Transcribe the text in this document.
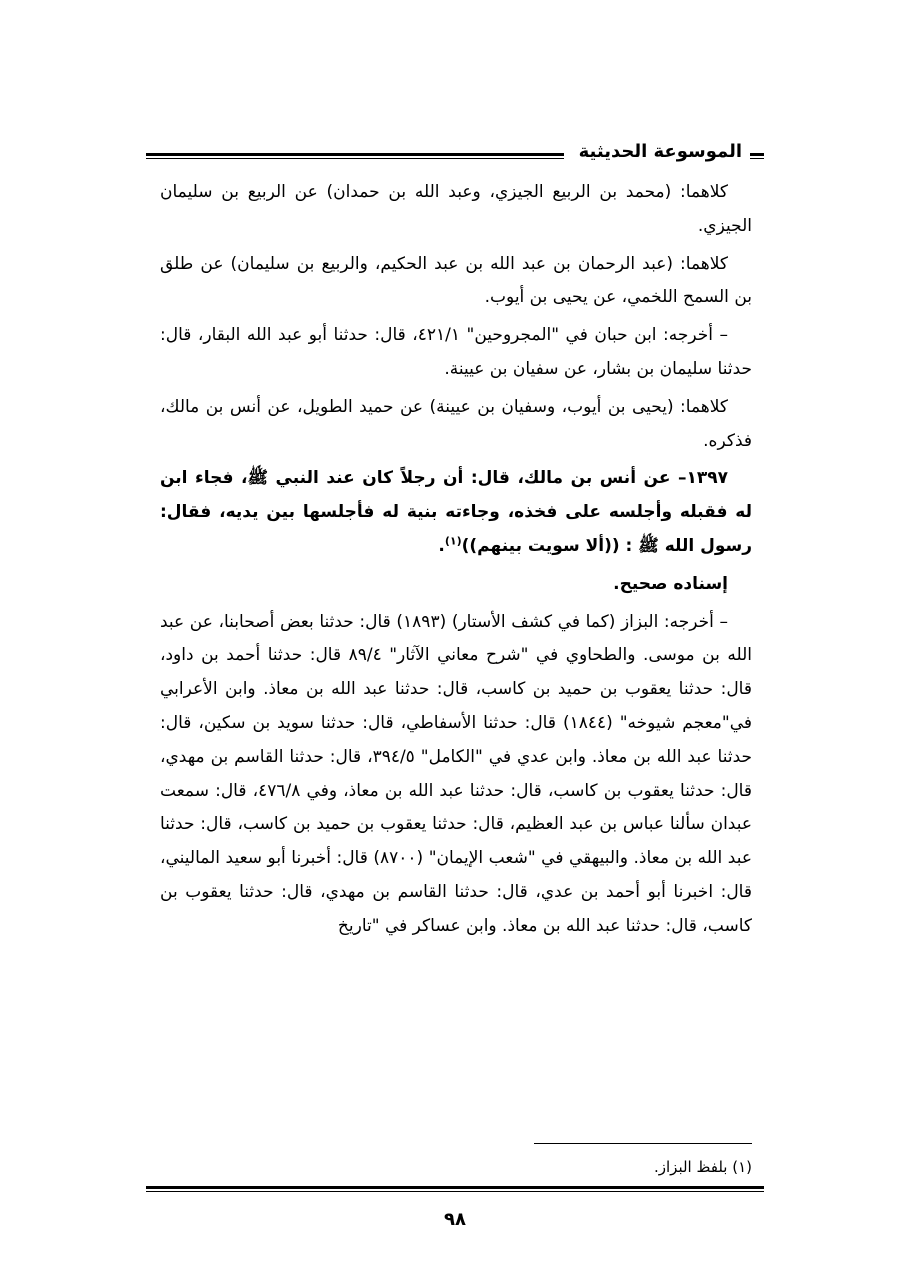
الموسوعة الحديثية

كلاهما: (محمد بن الربيع الجيزي، وعبد الله بن حمدان) عن الربيع بن سليمان الجيزي.

كلاهما: (عبد الرحمان بن عبد الله بن عبد الحكيم، والربيع بن سليمان) عن طلق بن السمح اللخمي، عن يحيى بن أيوب.

– أخرجه: ابن حبان في "المجروحين" ٤٢١/١، قال: حدثنا أبو عبد الله البقار، قال: حدثنا سليمان بن بشار، عن سفيان بن عيينة.

كلاهما: (يحيى بن أيوب، وسفيان بن عيينة) عن حميد الطويل، عن أنس بن مالك، فذكره.

١٣٩٧– عن أنس بن مالك، قال: أن رجلاً كان عند النبي ﷺ، فجاء ابن له فقبله وأجلسه على فخذه، وجاءته بنية له فأجلسها بين يديه، فقال: رسول الله ﷺ : ((ألا سويت بينهم))$^{(١)}$.

إسناده صحيح.

– أخرجه: البزاز (كما في كشف الأستار) (١٨٩٣) قال: حدثنا بعض أصحابنا، عن عبد الله بن موسى. والطحاوي في "شرح معاني الآثار" ٨٩/٤ قال: حدثنا أحمد بن داود، قال: حدثنا يعقوب بن حميد بن كاسب، قال: حدثنا عبد الله بن معاذ. وابن الأعرابي في"معجم شيوخه" (١٨٤٤) قال: حدثنا الأسفاطي، قال: حدثنا سويد بن سكين، قال: حدثنا عبد الله بن معاذ. وابن عدي في "الكامل" ٣٩٤/٥، قال: حدثنا القاسم بن مهدي، قال: حدثنا يعقوب بن كاسب، قال: حدثنا عبد الله بن معاذ، وفي ٤٧٦/٨، قال: سمعت عبدان سألنا عباس بن عبد العظيم، قال: حدثنا يعقوب بن حميد بن كاسب، قال: حدثنا عبد الله بن معاذ. والبيهقي في "شعب الإيمان" (٨٧٠٠) قال: أخبرنا أبو سعيد الماليني، قال: اخبرنا أبو أحمد بن عدي، قال: حدثنا القاسم بن مهدي، قال: حدثنا يعقوب بن كاسب، قال: حدثنا عبد الله بن معاذ. وابن عساكر في "تاريخ

(١) بلفظ البزاز.
٩٨
